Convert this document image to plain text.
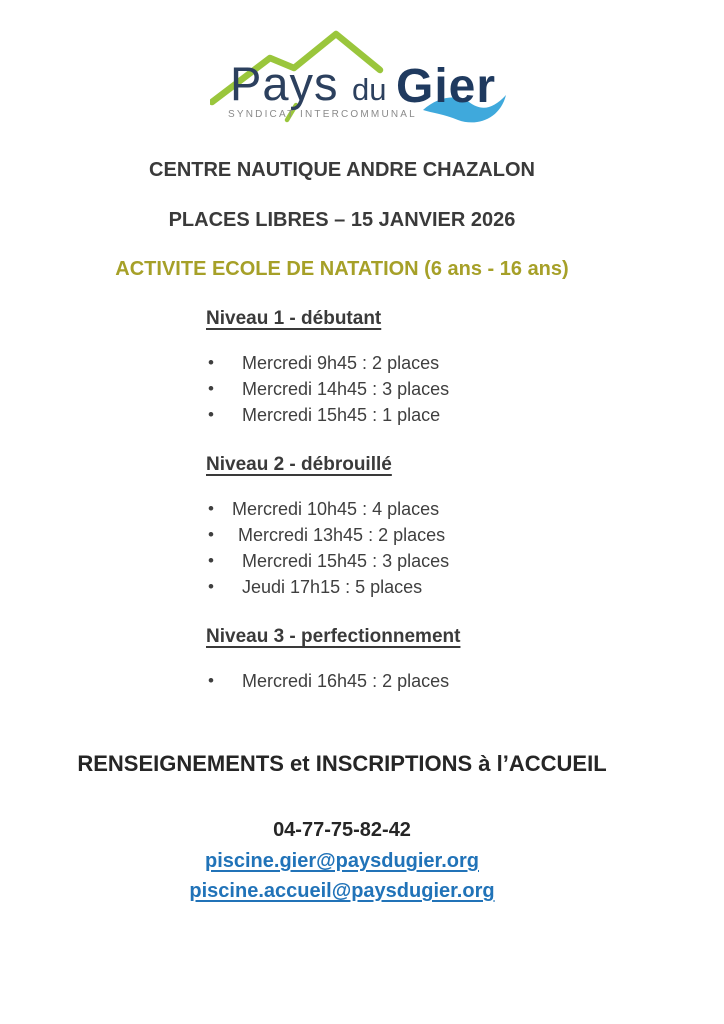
Pays du Gier
SYNDICAT INTERCOMMUNAL
CENTRE NAUTIQUE ANDRE CHAZALON
PLACES LIBRES – 15 JANVIER 2026
ACTIVITE ECOLE DE NATATION (6 ans - 16 ans)
Niveau 1 - débutant
• Mercredi 9h45 : 2 places
• Mercredi 14h45 : 3 places
• Mercredi 15h45 : 1 place
Niveau 2 - débrouillé
• Mercredi 10h45 : 4 places
• Mercredi 13h45 : 2 places
• Mercredi 15h45 : 3 places
• Jeudi 17h15 : 5 places
Niveau 3 - perfectionnement
• Mercredi 16h45 : 2 places

RENSEIGNEMENTS et INSCRIPTIONS à l’ACCUEIL

04-77-75-82-42

piscine.gier@paysdugier.org
piscine.accueil@paysdugier.org
